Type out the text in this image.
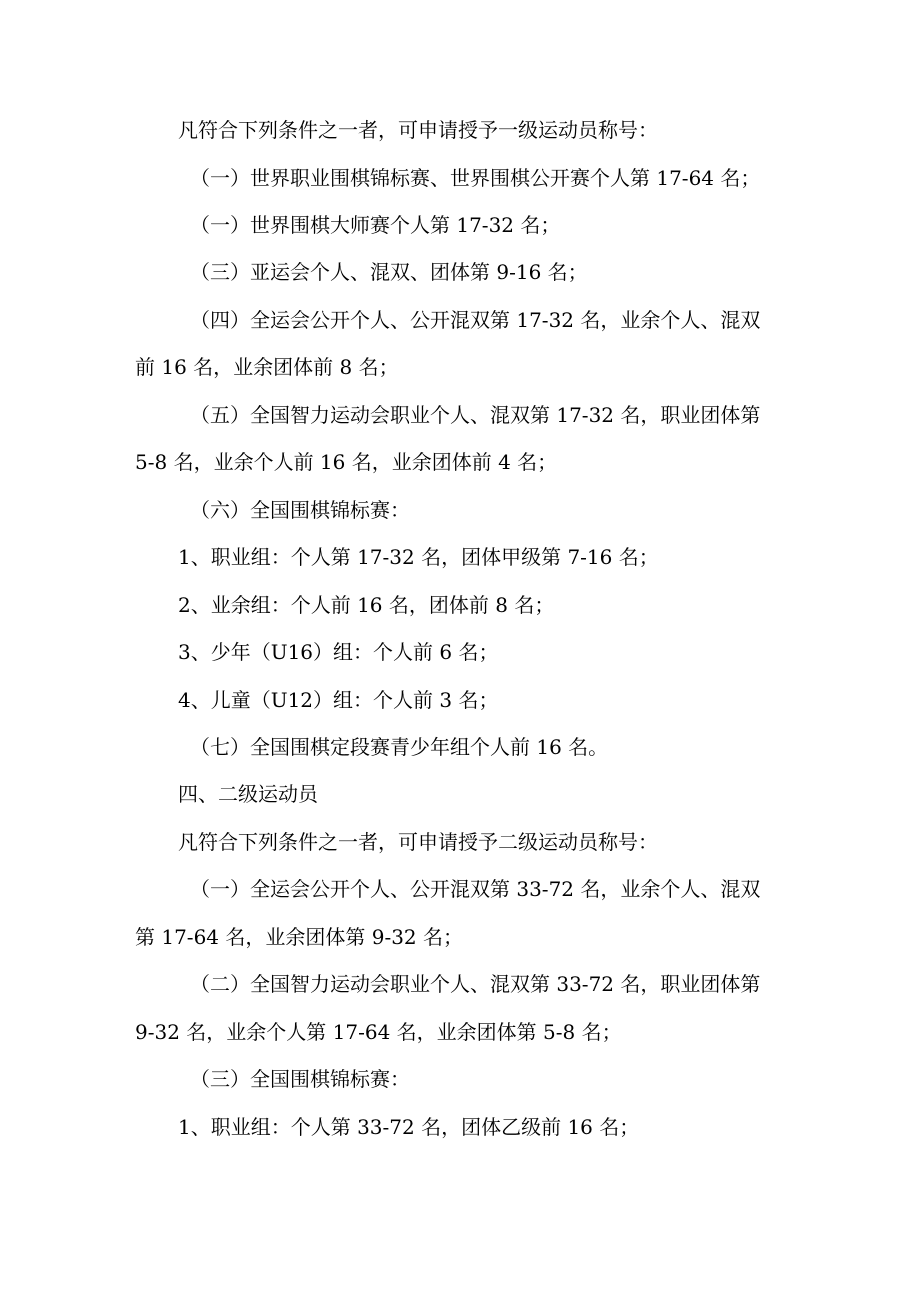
凡符合下列条件之一者，可申请授予一级运动员称号：
（一）世界职业围棋锦标赛、世界围棋公开赛个人第 17-64 名；
（一）世界围棋大师赛个人第 17-32 名；
（三）亚运会个人、混双、团体第 9-16 名；
（四）全运会公开个人、公开混双第 17-32 名，业余个人、混双
前 16 名，业余团体前 8 名；
（五）全国智力运动会职业个人、混双第 17-32 名，职业团体第
5-8 名，业余个人前 16 名，业余团体前 4 名；
（六）全国围棋锦标赛：
1、职业组：个人第 17-32 名，团体甲级第 7-16 名；
2、业余组：个人前 16 名，团体前 8 名；
3、少年（U16）组：个人前 6 名；
4、儿童（U12）组：个人前 3 名；
（七）全国围棋定段赛青少年组个人前 16 名。
四、二级运动员
凡符合下列条件之一者，可申请授予二级运动员称号：
（一）全运会公开个人、公开混双第 33-72 名，业余个人、混双
第 17-64 名，业余团体第 9-32 名；
（二）全国智力运动会职业个人、混双第 33-72 名，职业团体第
9-32 名，业余个人第 17-64 名，业余团体第 5-8 名；
（三）全国围棋锦标赛：
1、职业组：个人第 33-72 名，团体乙级前 16 名；
